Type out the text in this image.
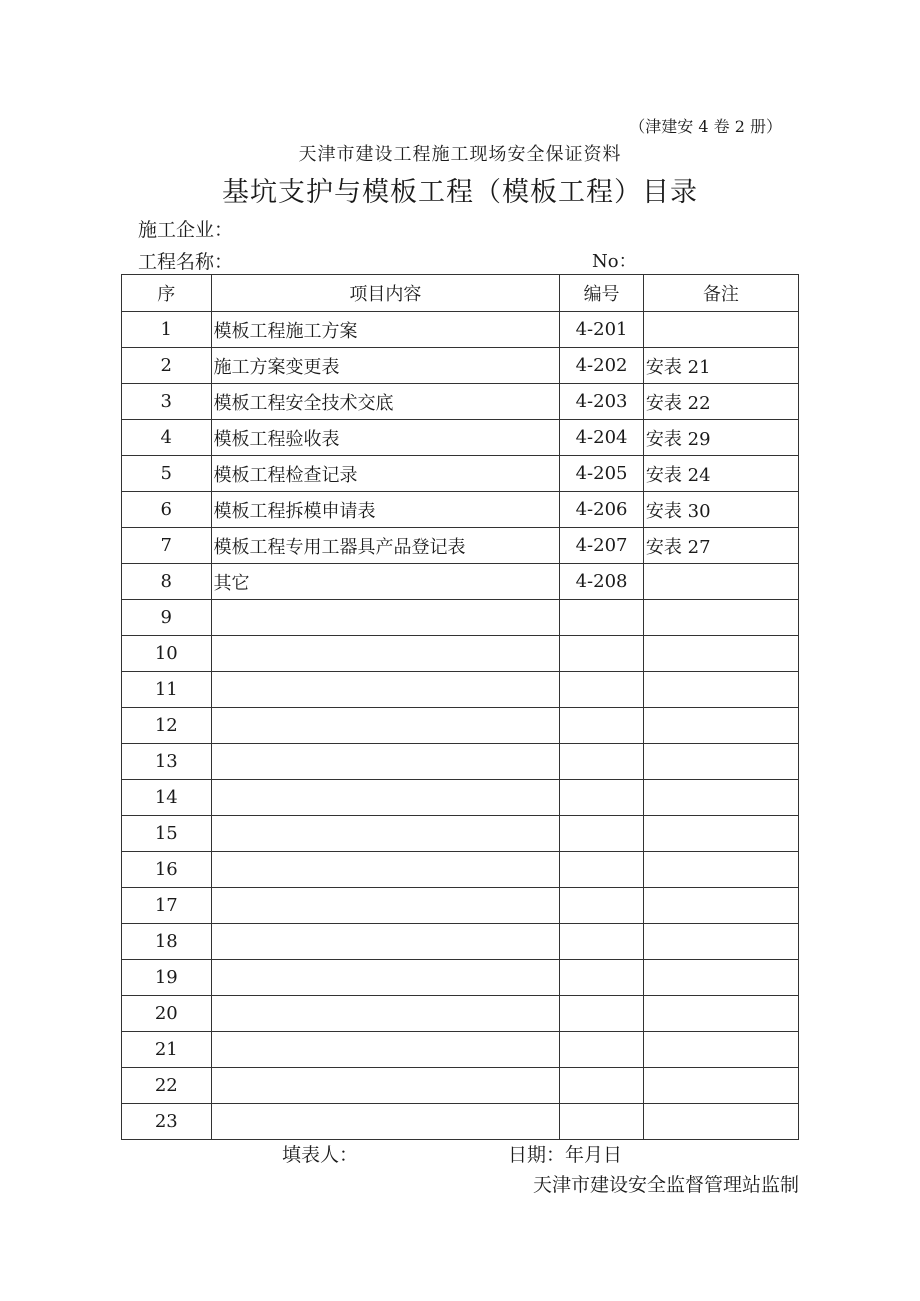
（津建安 4 卷 2 册）
天津市建设工程施工现场安全保证资料
基坑支护与模板工程（模板工程）目录
施工企业：
工程名称：	No：
序	项目内容	编号	备注
1	模板工程施工方案	4-201	
2	施工方案变更表	4-202	安表 21
3	模板工程安全技术交底	4-203	安表 22
4	模板工程验收表	4-204	安表 29
5	模板工程检查记录	4-205	安表 24
6	模板工程拆模申请表	4-206	安表 30
7	模板工程专用工器具产品登记表	4-207	安表 27
8	其它	4-208	
9			
10			
11			
12			
13			
14			
15			
16			
17			
18			
19			
20			
21			
22			
23			
填表人：	日期：年月日
天津市建设安全监督管理站监制
